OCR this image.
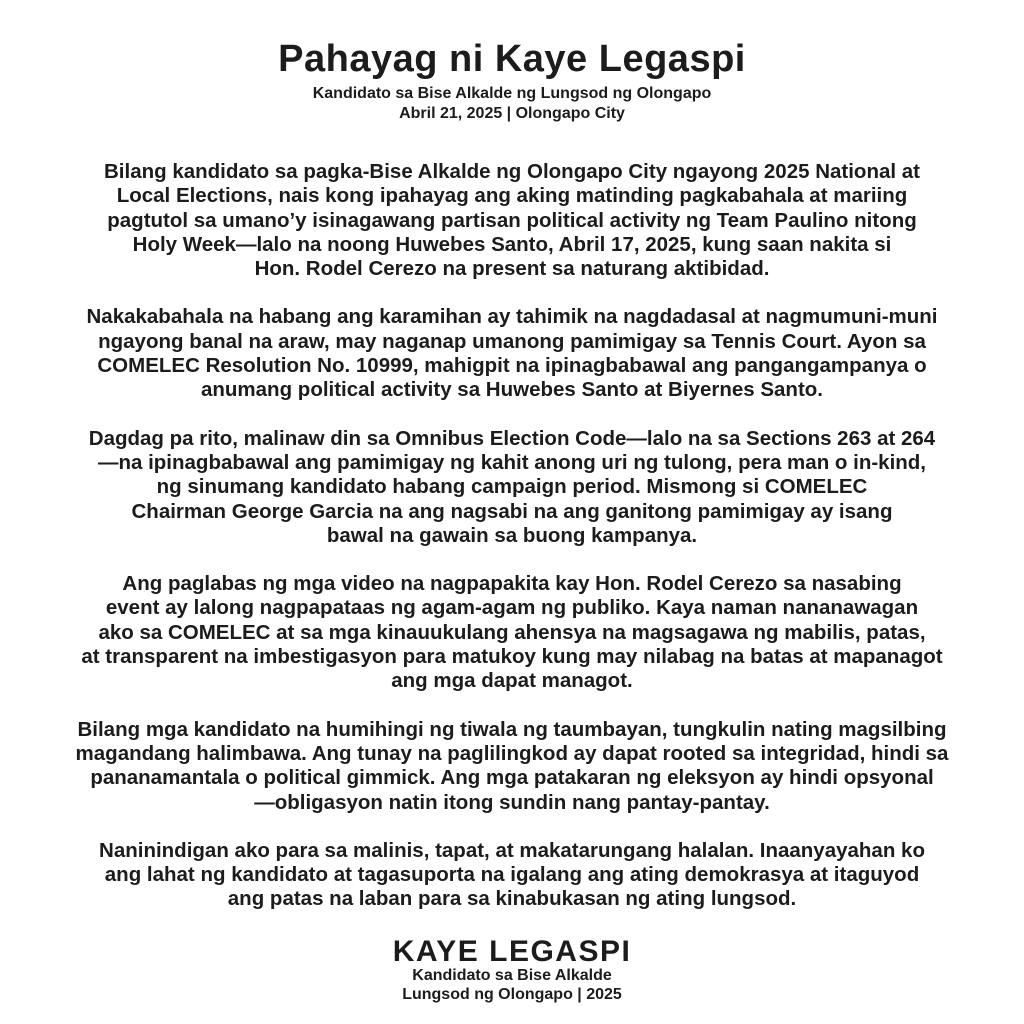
Pahayag ni Kaye Legaspi

Kandidato sa Bise Alkalde ng Lungsod ng Olongapo

Abril 21, 2025 | Olongapo City

Bilang kandidato sa pagka-Bise Alkalde ng Olongapo City ngayong 2025 National at
Local Elections, nais kong ipahayag ang aking matinding pagkabahala at mariing
pagtutol sa umano’y isinagawang partisan political activity ng Team Paulino nitong
Holy Week—lalo na noong Huwebes Santo, Abril 17, 2025, kung saan nakita si
Hon. Rodel Cerezo na present sa naturang aktibidad.

Nakakabahala na habang ang karamihan ay tahimik na nagdadasal at nagmumuni-muni
ngayong banal na araw, may naganap umanong pamimigay sa Tennis Court. Ayon sa
COMELEC Resolution No. 10999, mahigpit na ipinagbabawal ang pangangampanya o
anumang political activity sa Huwebes Santo at Biyernes Santo.

Dagdag pa rito, malinaw din sa Omnibus Election Code—lalo na sa Sections 263 at 264
—na ipinagbabawal ang pamimigay ng kahit anong uri ng tulong, pera man o in-kind,
ng sinumang kandidato habang campaign period. Mismong si COMELEC
Chairman George Garcia na ang nagsabi na ang ganitong pamimigay ay isang
bawal na gawain sa buong kampanya.

Ang paglabas ng mga video na nagpapakita kay Hon. Rodel Cerezo sa nasabing
event ay lalong nagpapataas ng agam-agam ng publiko. Kaya naman nananawagan
ako sa COMELEC at sa mga kinauukulang ahensya na magsagawa ng mabilis, patas,
at transparent na imbestigasyon para matukoy kung may nilabag na batas at mapanagot
ang mga dapat managot.

Bilang mga kandidato na humihingi ng tiwala ng taumbayan, tungkulin nating magsilbing
magandang halimbawa. Ang tunay na paglilingkod ay dapat rooted sa integridad, hindi sa
pananamantala o political gimmick. Ang mga patakaran ng eleksyon ay hindi opsyonal
—obligasyon natin itong sundin nang pantay-pantay.

Naninindigan ako para sa malinis, tapat, at makatarungang halalan. Inaanyayahan ko
ang lahat ng kandidato at tagasuporta na igalang ang ating demokrasya at itaguyod
ang patas na laban para sa kinabukasan ng ating lungsod.

KAYE LEGASPI

Kandidato sa Bise Alkalde

Lungsod ng Olongapo | 2025
